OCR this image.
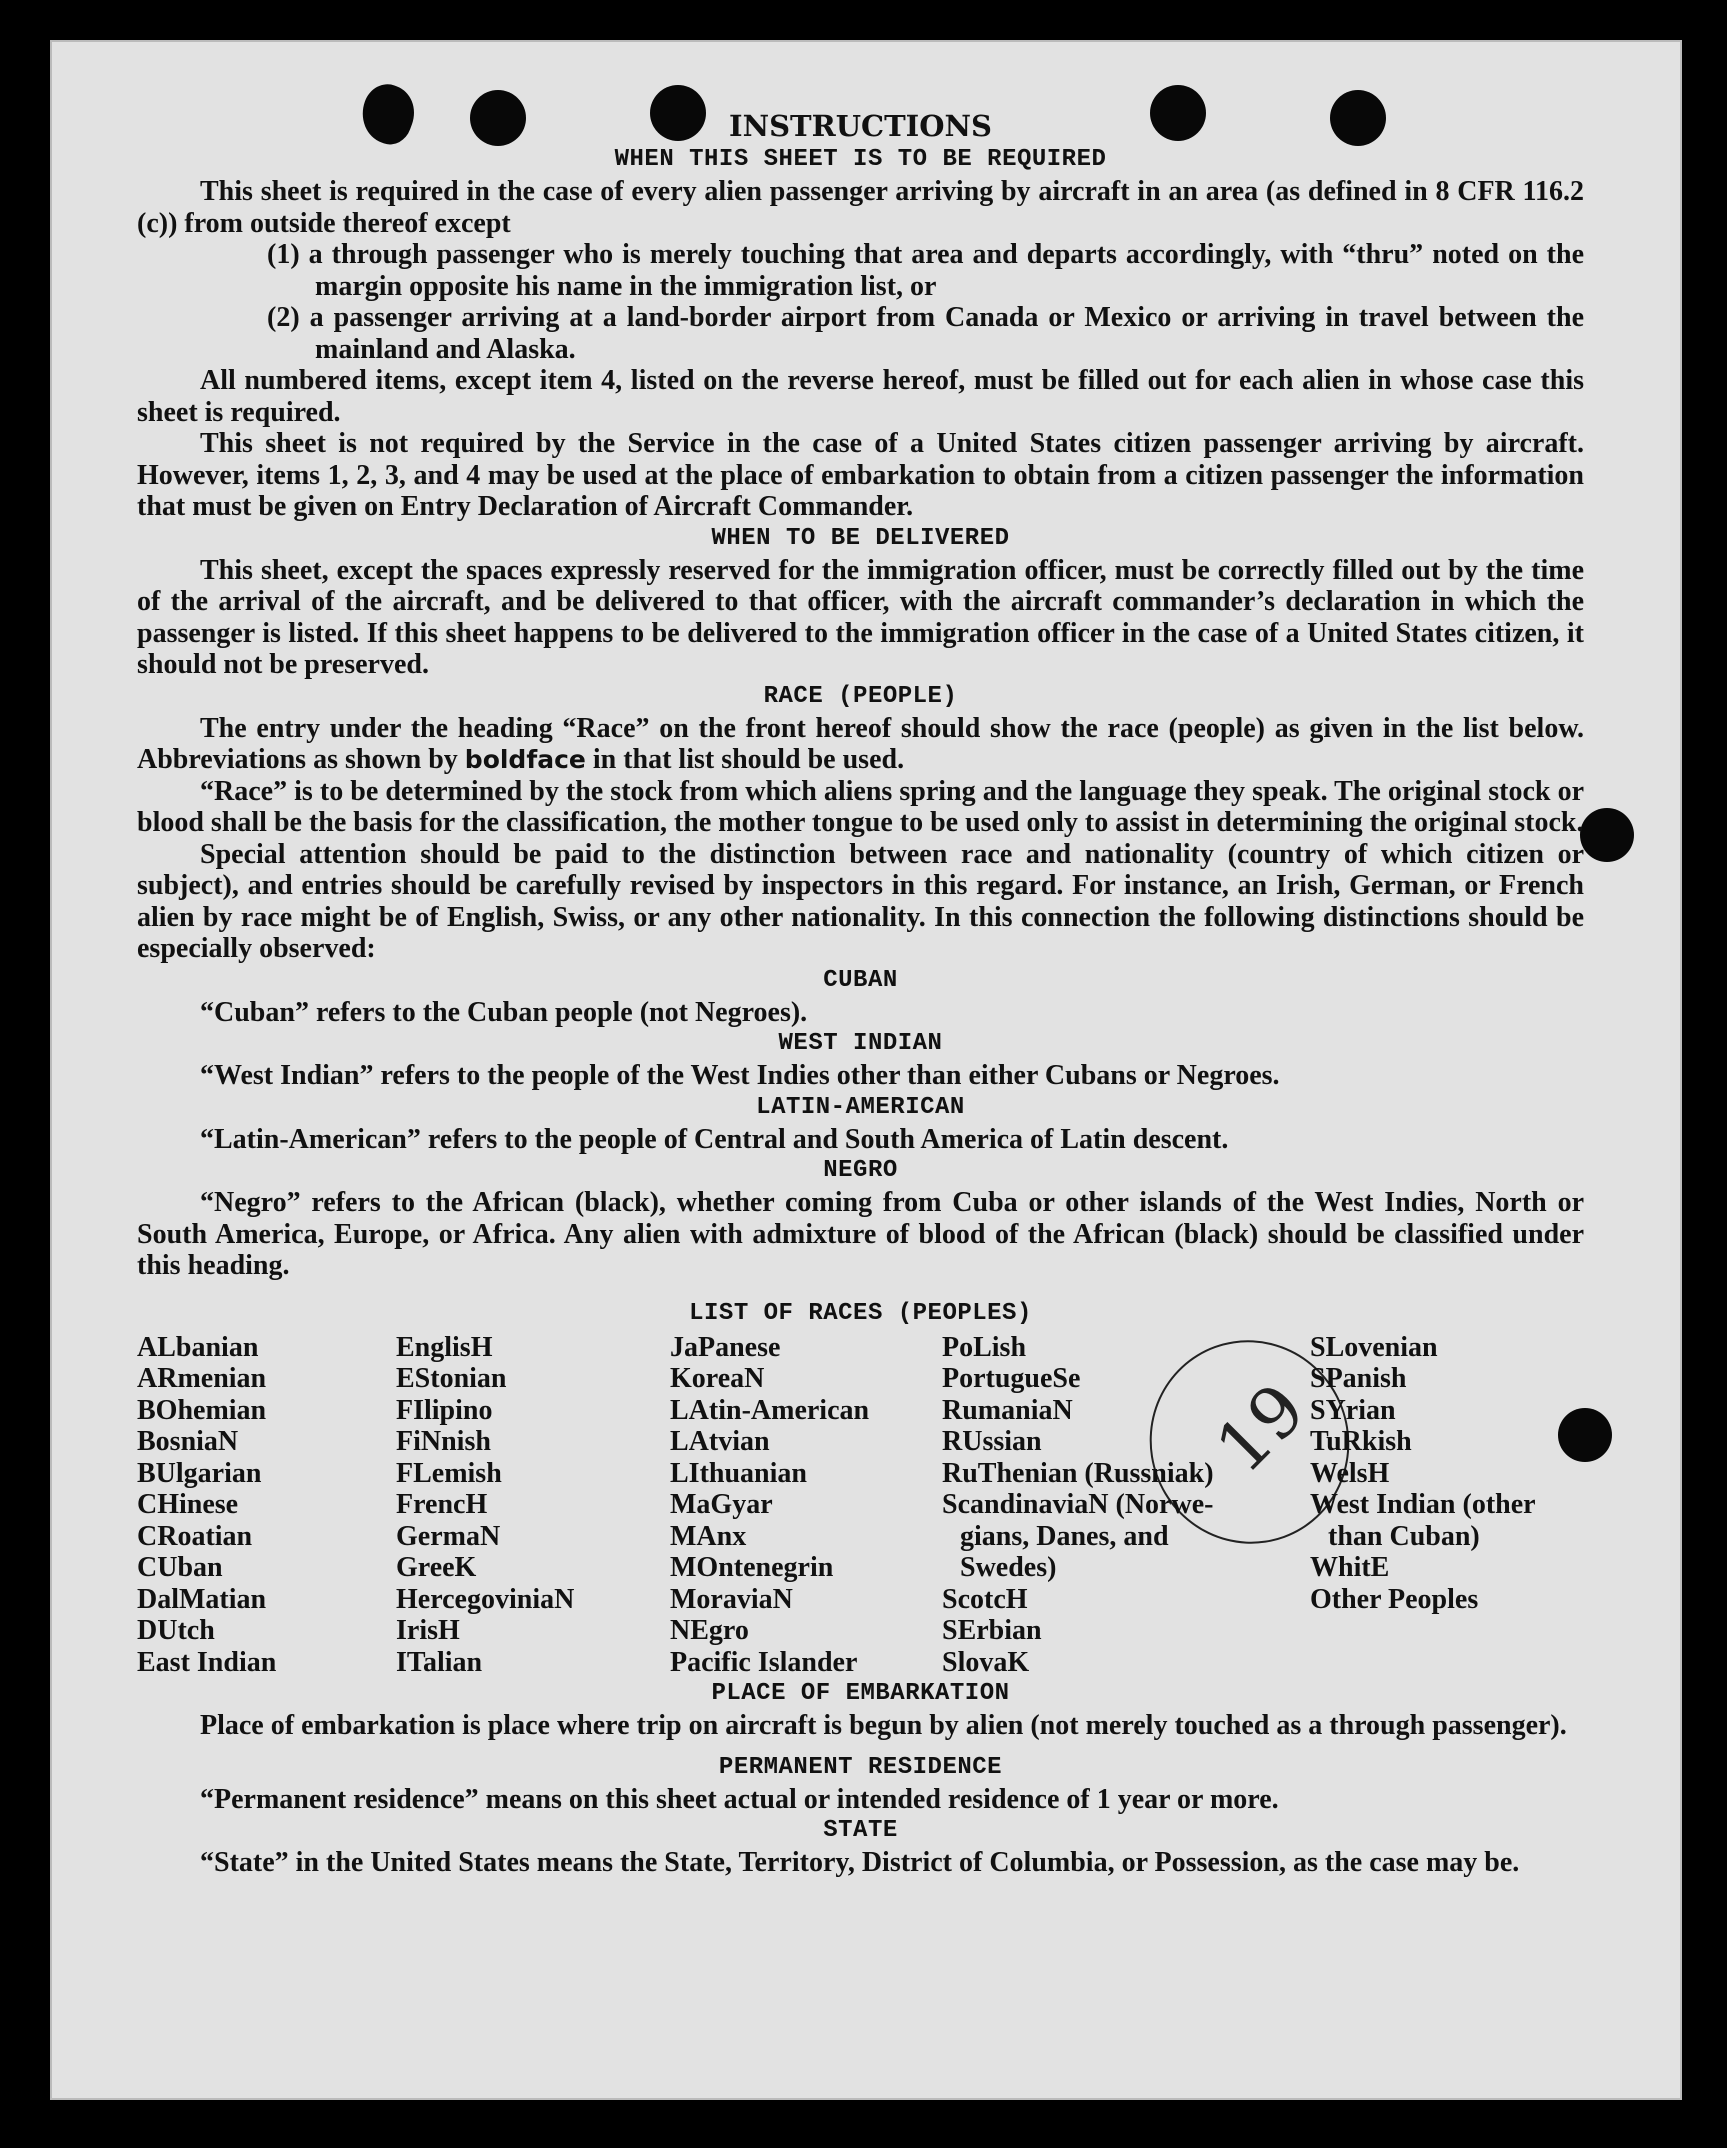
19
INSTRUCTIONS
WHEN THIS SHEET IS TO BE REQUIRED

This sheet is required in the case of every alien passenger arriving by aircraft in an area (as defined in 8 CFR 116.2 (c)) from outside thereof except

(1) a through passenger who is merely touching that area and departs accordingly, with “thru” noted on the margin opposite his name in the immigration list, or

(2) a passenger arriving at a land-border airport from Canada or Mexico or arriving in travel between the mainland and Alaska.

All numbered items, except item 4, listed on the reverse hereof, must be filled out for each alien in whose case this sheet is required.

This sheet is not required by the Service in the case of a United States citizen passenger arriving by aircraft. However, items 1, 2, 3, and 4 may be used at the place of embarkation to obtain from a citizen passenger the information that must be given on Entry Declaration of Aircraft Commander.

WHEN TO BE DELIVERED

This sheet, except the spaces expressly reserved for the immigration officer, must be correctly filled out by the time of the arrival of the aircraft, and be delivered to that officer, with the aircraft commander’s declaration in which the passenger is listed. If this sheet happens to be delivered to the immigration officer in the case of a United States citizen, it should not be preserved.

RACE (PEOPLE)

The entry under the heading “Race” on the front hereof should show the race (people) as given in the list below. Abbreviations as shown by boldface in that list should be used.

“Race” is to be determined by the stock from which aliens spring and the language they speak. The original stock or blood shall be the basis for the classification, the mother tongue to be used only to assist in determining the original stock.

Special attention should be paid to the distinction between race and nationality (country of which citizen or subject), and entries should be carefully revised by inspectors in this regard. For instance, an Irish, German, or French alien by race might be of English, Swiss, or any other nationality. In this connection the following distinctions should be especially observed:

CUBAN

“Cuban” refers to the Cuban people (not Negroes).

WEST INDIAN

“West Indian” refers to the people of the West Indies other than either Cubans or Negroes.

LATIN-AMERICAN

“Latin-American” refers to the people of Central and South America of Latin descent.

NEGRO

“Negro” refers to the African (black), whether coming from Cuba or other islands of the West Indies, North or South America, Europe, or Africa. Any alien with admixture of blood of the African (black) should be classified under this heading.

LIST OF RACES (PEOPLES)
ALbanian
ARmenian
BOhemian
BosniaN
BUlgarian
CHinese
CRoatian
CUban
DalMatian
DUtch
East Indian
EnglisH
EStonian
FIlipino
FiNnish
FLemish
FrencH
GermaN
GreeK
HercegoviniaN
IrisH
ITalian
JaPanese
KoreaN
LAtin-American
LAtvian
LIthuanian
MaGyar
MAnx
MOntenegrin
MoraviaN
NEgro
Pacific Islander
PoLish
PortugueSe
RumaniaN
RUssian
RuThenian (Russniak)
ScandinaviaN (Norwe-
gians, Danes, and
Swedes)
ScotcH
SErbian
SlovaK
SLovenian
SPanish
SYrian
TuRkish
WelsH
West Indian (other
than Cuban)
WhitE
Other Peoples
PLACE OF EMBARKATION

Place of embarkation is place where trip on aircraft is begun by alien (not merely touched as a through passenger).

PERMANENT RESIDENCE

“Permanent residence” means on this sheet actual or intended residence of 1 year or more.

STATE

“State” in the United States means the State, Territory, District of Columbia, or Possession, as the case may be.
